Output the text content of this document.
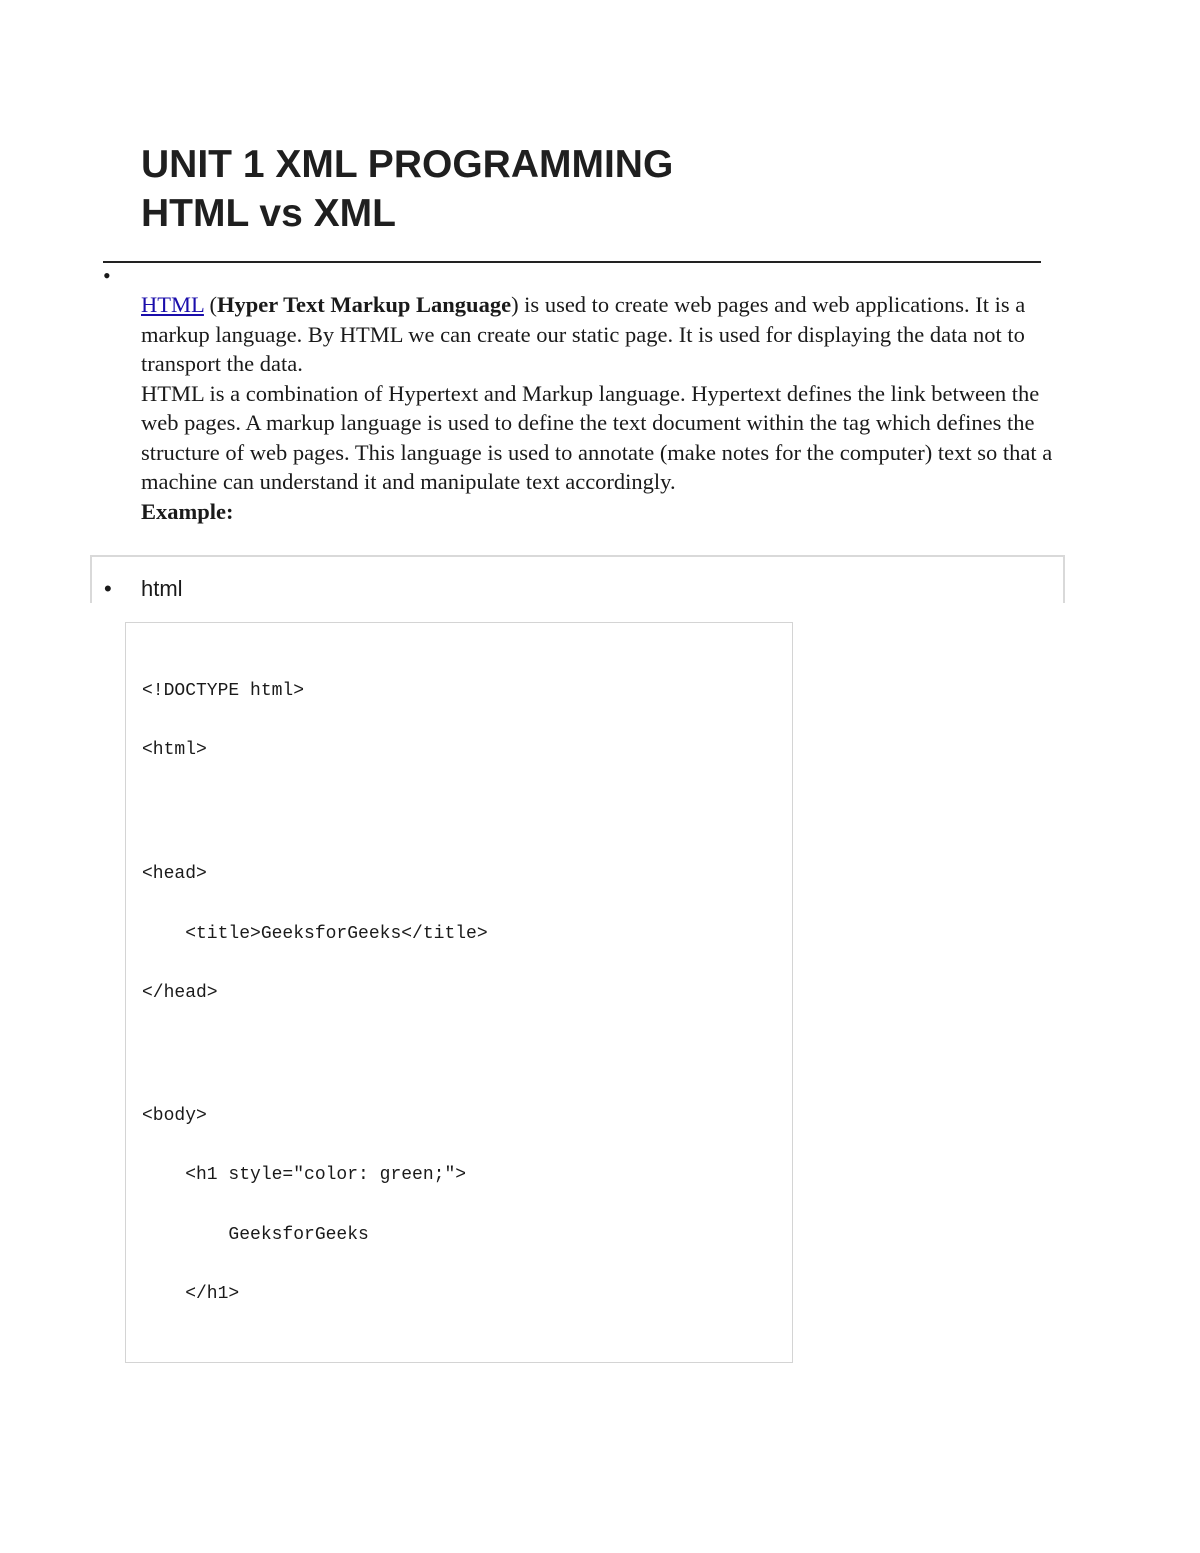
UNIT 1 XML PROGRAMMING
HTML vs XML
•

HTML (Hyper Text Markup Language) is used to create web pages and web applications. It is a markup language. By HTML we can create our static page. It is used for displaying the data not to transport the data.

HTML is a combination of Hypertext and Markup language. Hypertext defines the link between the web pages. A markup language is used to define the text document within the tag which defines the structure of web pages. This language is used to annotate (make notes for the computer) text so that a machine can understand it and manipulate text accordingly.

Example:

• html
<!DOCTYPE html>
<html>
<head>
<title>GeeksforGeeks</title>
</head>
<body>
<h1 style="color: green;">
GeeksforGeeks
</h1>
